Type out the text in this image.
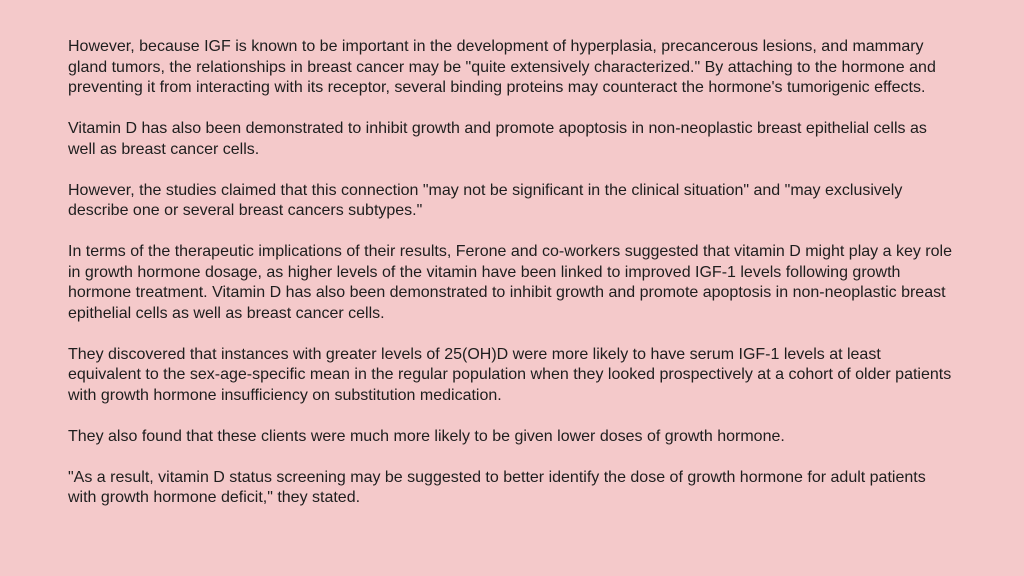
However, because IGF is known to be important in the development of hyperplasia, precancerous lesions, and mammary gland tumors, the relationships in breast cancer may be "quite extensively characterized." By attaching to the hormone and preventing it from interacting with its receptor, several binding proteins may counteract the hormone's tumorigenic effects.

Vitamin D has also been demonstrated to inhibit growth and promote apoptosis in non-neoplastic breast epithelial cells as well as breast cancer cells.

However, the studies claimed that this connection "may not be significant in the clinical situation" and "may exclusively describe one or several breast cancers subtypes."

In terms of the therapeutic implications of their results, Ferone and co-workers suggested that vitamin D might play a key role in growth hormone dosage, as higher levels of the vitamin have been linked to improved IGF-1 levels following growth hormone treatment. Vitamin D has also been demonstrated to inhibit growth and promote apoptosis in non-neoplastic breast epithelial cells as well as breast cancer cells.

They discovered that instances with greater levels of 25(OH)D were more likely to have serum IGF-1 levels at least equivalent to the sex-age-specific mean in the regular population when they looked prospectively at a cohort of older patients with growth hormone insufficiency on substitution medication.

They also found that these clients were much more likely to be given lower doses of growth hormone.

"As a result, vitamin D status screening may be suggested to better identify the dose of growth hormone for adult patients with growth hormone deficit," they stated.
